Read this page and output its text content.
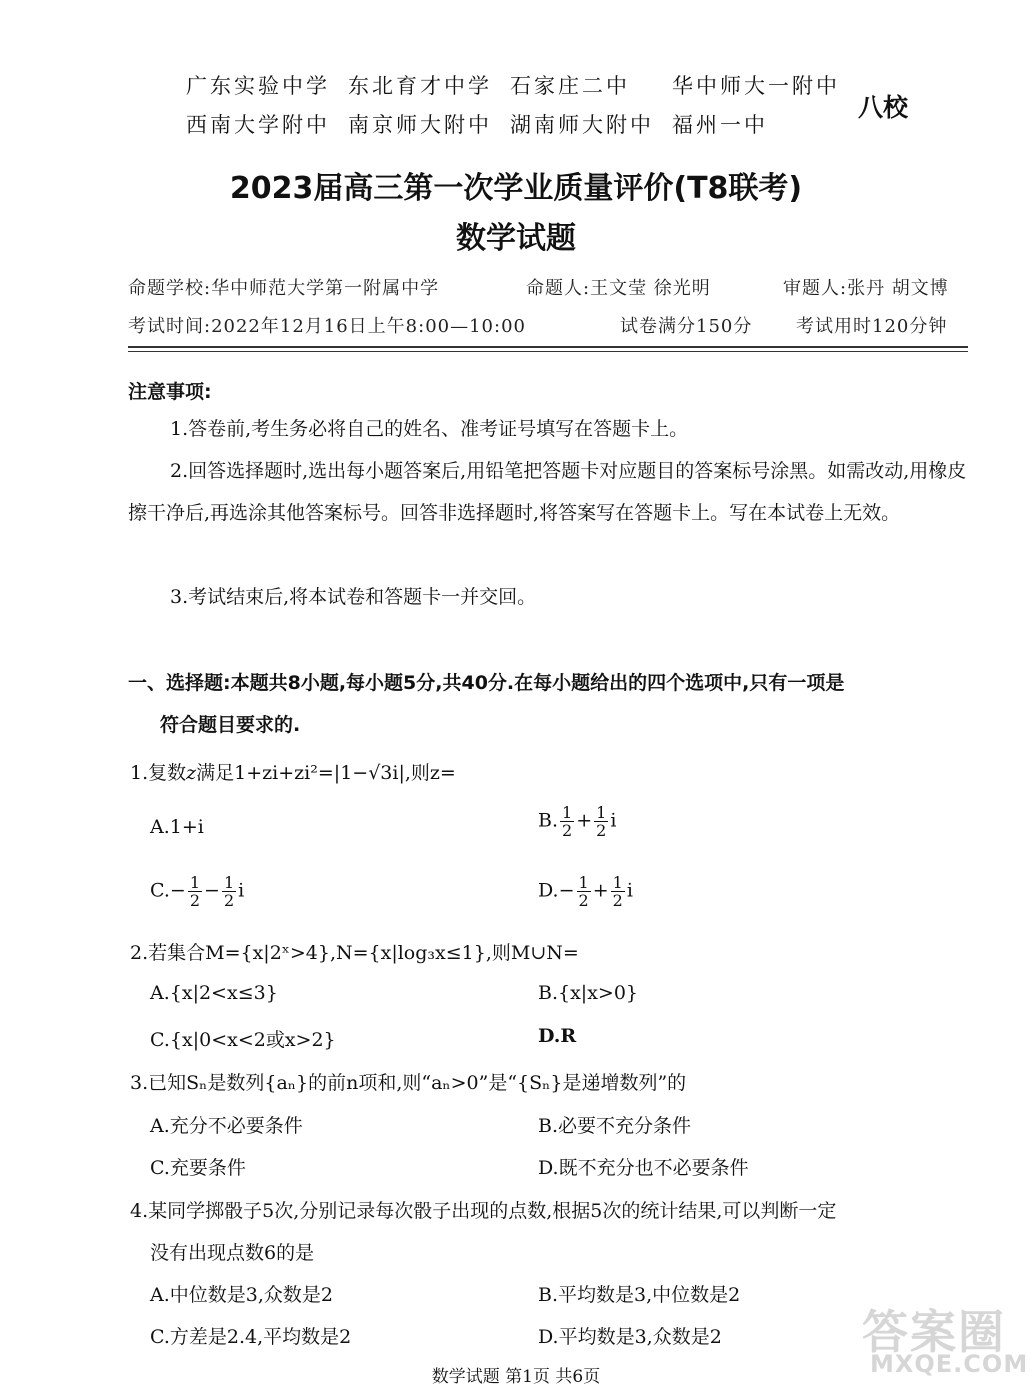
广东实验中学 东北育才中学 石家庄二中 华中师大一附中
西南大学附中 南京师大附中 湖南师大附中 福州一中
八校
2023届高三第一次学业质量评价(T8联考)
数学试题
命题学校:华中师范大学第一附属中学	命题人:王文莹 徐光明	审题人:张丹 胡文博
考试时间:2022年12月16日上午8:00—10:00	试卷满分150分 考试用时120分钟
注意事项:
1.答卷前,考生务必将自己的姓名、准考证号填写在答题卡上。
2.回答选择题时,选出每小题答案后,用铅笔把答题卡对应题目的答案标号涂黑。如需改动,用橡皮擦干净后,再选涂其他答案标号。回答非选择题时,将答案写在答题卡上。写在本试卷上无效。
3.考试结束后,将本试卷和答题卡一并交回。
一、选择题:本题共8小题,每小题5分,共40分.在每小题给出的四个选项中,只有一项是
符合题目要求的.
1.复数z满足1+zi+zi²=|1−√3i|,则z=
A.1+i	B. $\frac{1}{2} + \frac{1}{2}$ i
$C.- \frac{1}{2} - \frac{1}{2}$ i	$D.- \frac{1}{2} + \frac{1}{2}$ i
2.若集合M={x|2ˣ>4},N={x|log₃x≤1},则M∪N=
A.{x|2<x≤3}	B.{x|x>0}
C.{x|0<x<2或x>2}	D.R
3.已知Sₙ是数列{aₙ}的前n项和,则“aₙ>0”是“{Sₙ}是递增数列”的
A.充分不必要条件	B.必要不充分条件
C.充要条件	D.既不充分也不必要条件
4.某同学掷骰子5次,分别记录每次骰子出现的点数,根据5次的统计结果,可以判断一定
没有出现点数6的是
A.中位数是3,众数是2	B.平均数是3,中位数是2
C.方差是2.4,平均数是2	D.平均数是3,众数是2	答案圈
MXQE.COM
数学试题 第1页 共6页
